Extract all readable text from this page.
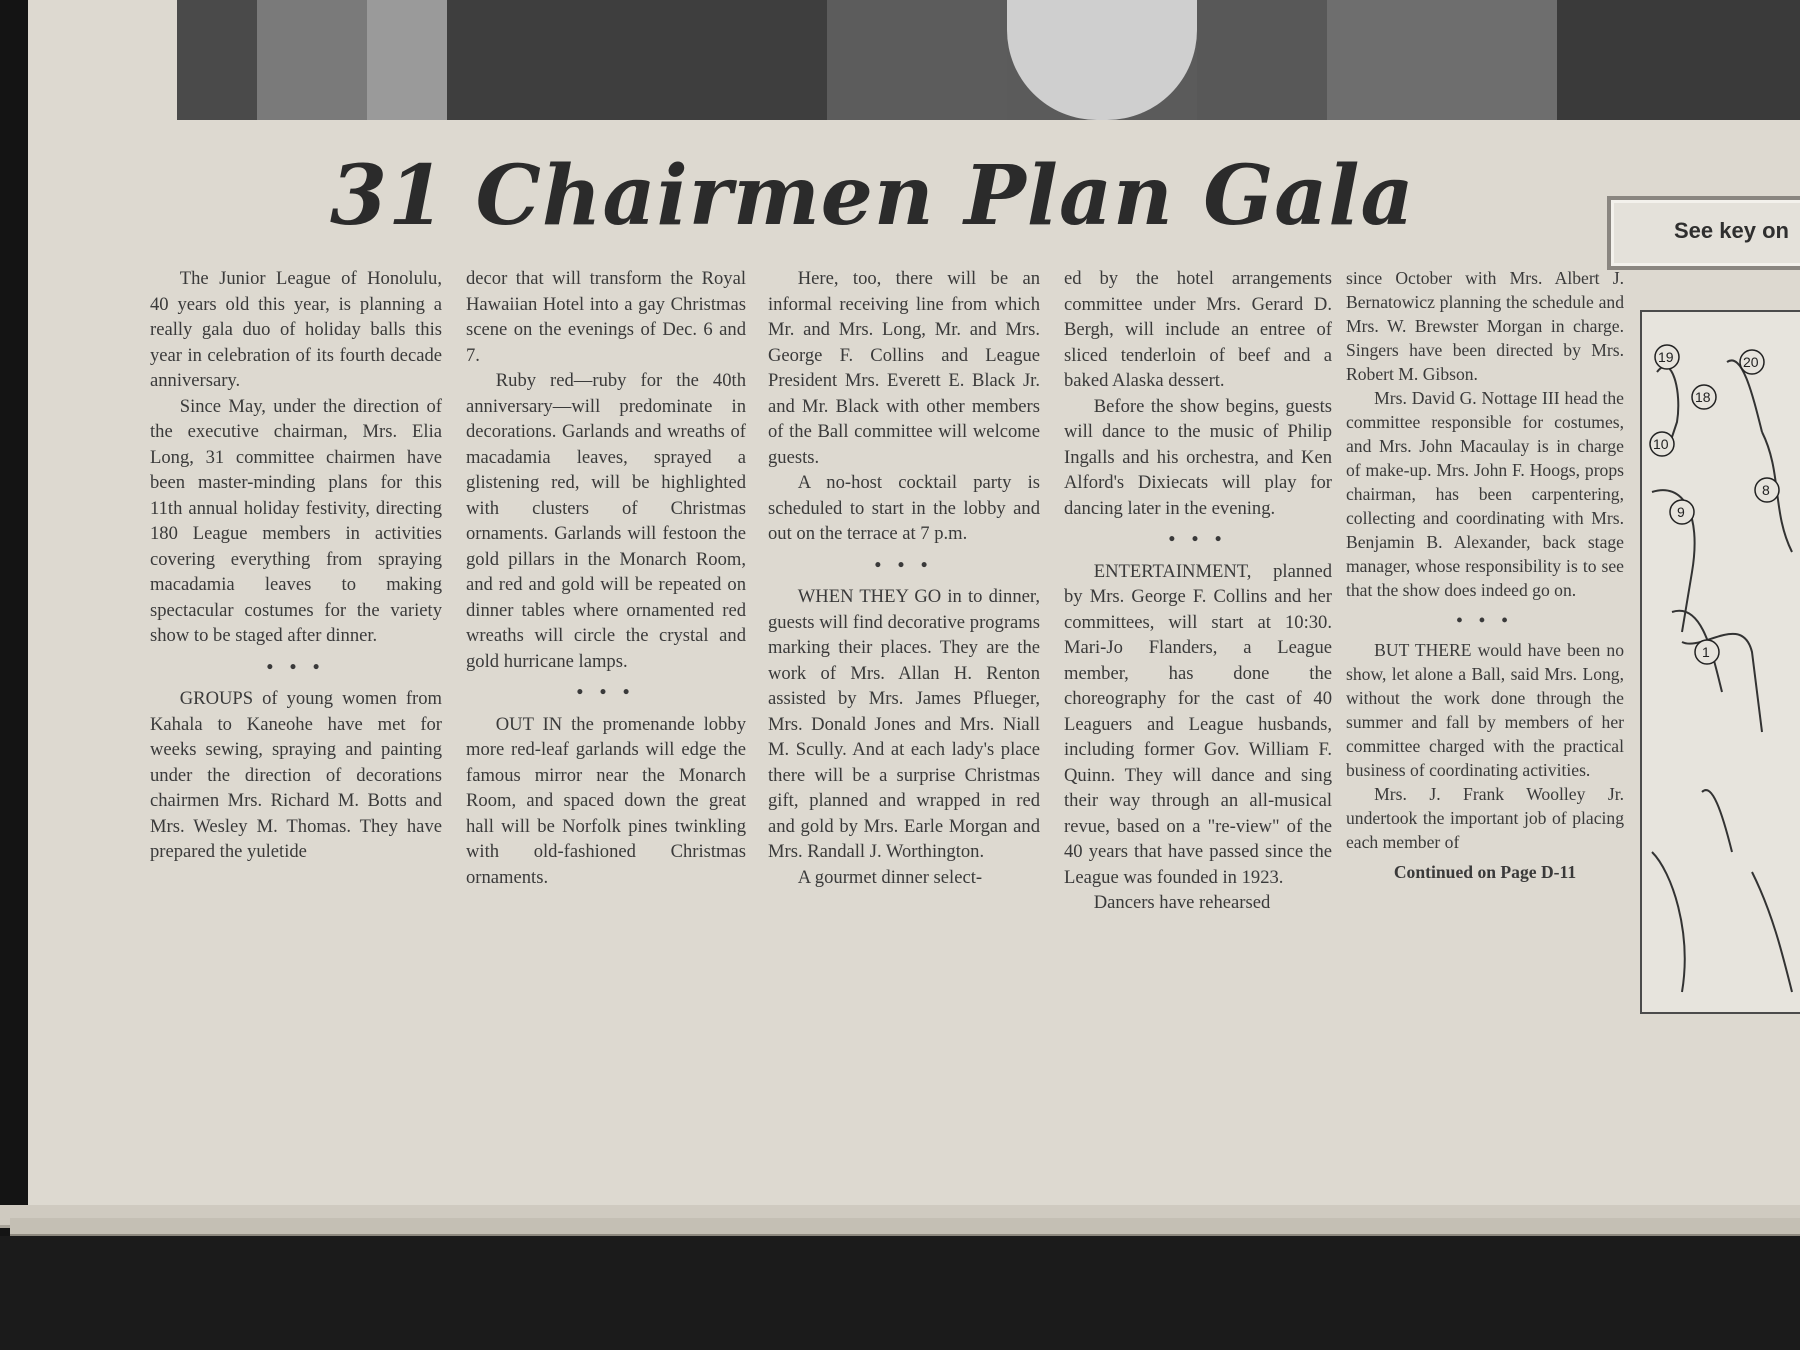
31 Chairmen Plan Gala	See key on
19	20
18
10
8
9
1

The Junior League of Honolulu, 40 years old this year, is planning a really gala duo of holiday balls this year in celebration of its fourth decade anniversary.

Since May, under the direction of the executive chairman, Mrs. Elia Long, 31 committee chairmen have been master-minding plans for this 11th annual holiday festivity, directing 180 League members in activities covering everything from spraying macadamia leaves to making spectacular costumes for the variety show to be staged after dinner.

• • •

GROUPS of young women from Kahala to Kaneohe have met for weeks sewing, spraying and painting under the direction of decorations chairmen Mrs. Richard M. Botts and Mrs. Wesley M. Thomas. They have prepared the yuletide

decor that will transform the Royal Hawaiian Hotel into a gay Christmas scene on the evenings of Dec. 6 and 7.

Ruby red—ruby for the 40th anniversary—will predominate in decorations. Garlands and wreaths of macadamia leaves, sprayed a glistening red, will be highlighted with clusters of Christmas ornaments. Garlands will festoon the gold pillars in the Monarch Room, and red and gold will be repeated on dinner tables where ornamented red wreaths will circle the crystal and gold hurricane lamps.

• • •

OUT IN the promenande lobby more red-leaf garlands will edge the famous mirror near the Monarch Room, and spaced down the great hall will be Norfolk pines twinkling with old-fashioned Christmas ornaments.

Here, too, there will be an informal receiving line from which Mr. and Mrs. Long, Mr. and Mrs. George F. Collins and League President Mrs. Everett E. Black Jr. and Mr. Black with other members of the Ball committee will welcome guests.

A no-host cocktail party is scheduled to start in the lobby and out on the terrace at 7 p.m.

• • •

WHEN THEY GO in to dinner, guests will find decorative programs marking their places. They are the work of Mrs. Allan H. Renton assisted by Mrs. James Pflueger, Mrs. Donald Jones and Mrs. Niall M. Scully. And at each lady's place there will be a surprise Christmas gift, planned and wrapped in red and gold by Mrs. Earle Morgan and Mrs. Randall J. Worthington.

A gourmet dinner select-

ed by the hotel arrangements committee under Mrs. Gerard D. Bergh, will include an entree of sliced tenderloin of beef and a baked Alaska dessert.

Before the show begins, guests will dance to the music of Philip Ingalls and his orchestra, and Ken Alford's Dixiecats will play for dancing later in the evening.

• • •

ENTERTAINMENT, planned by Mrs. George F. Collins and her committees, will start at 10:30. Mari-Jo Flanders, a League member, has done the choreography for the cast of 40 Leaguers and League husbands, including former Gov. William F. Quinn. They will dance and sing their way through an all-musical revue, based on a "re-view" of the 40 years that have passed since the League was founded in 1923.

Dancers have rehearsed

since October with Mrs. Albert J. Bernatowicz planning the schedule and Mrs. W. Brewster Morgan in charge. Singers have been directed by Mrs. Robert M. Gibson.

Mrs. David G. Nottage III head the committee responsible for costumes, and Mrs. John Macaulay is in charge of make-up. Mrs. John F. Hoogs, props chairman, has been carpentering, collecting and coordinating with Mrs. Benjamin B. Alexander, back stage manager, whose responsibility is to see that the show does indeed go on.

• • •

BUT THERE would have been no show, let alone a Ball, said Mrs. Long, without the work done through the summer and fall by members of her committee charged with the practical business of coordinating activities.

Mrs. J. Frank Woolley Jr. undertook the important job of placing each member of

Continued on Page D-11
